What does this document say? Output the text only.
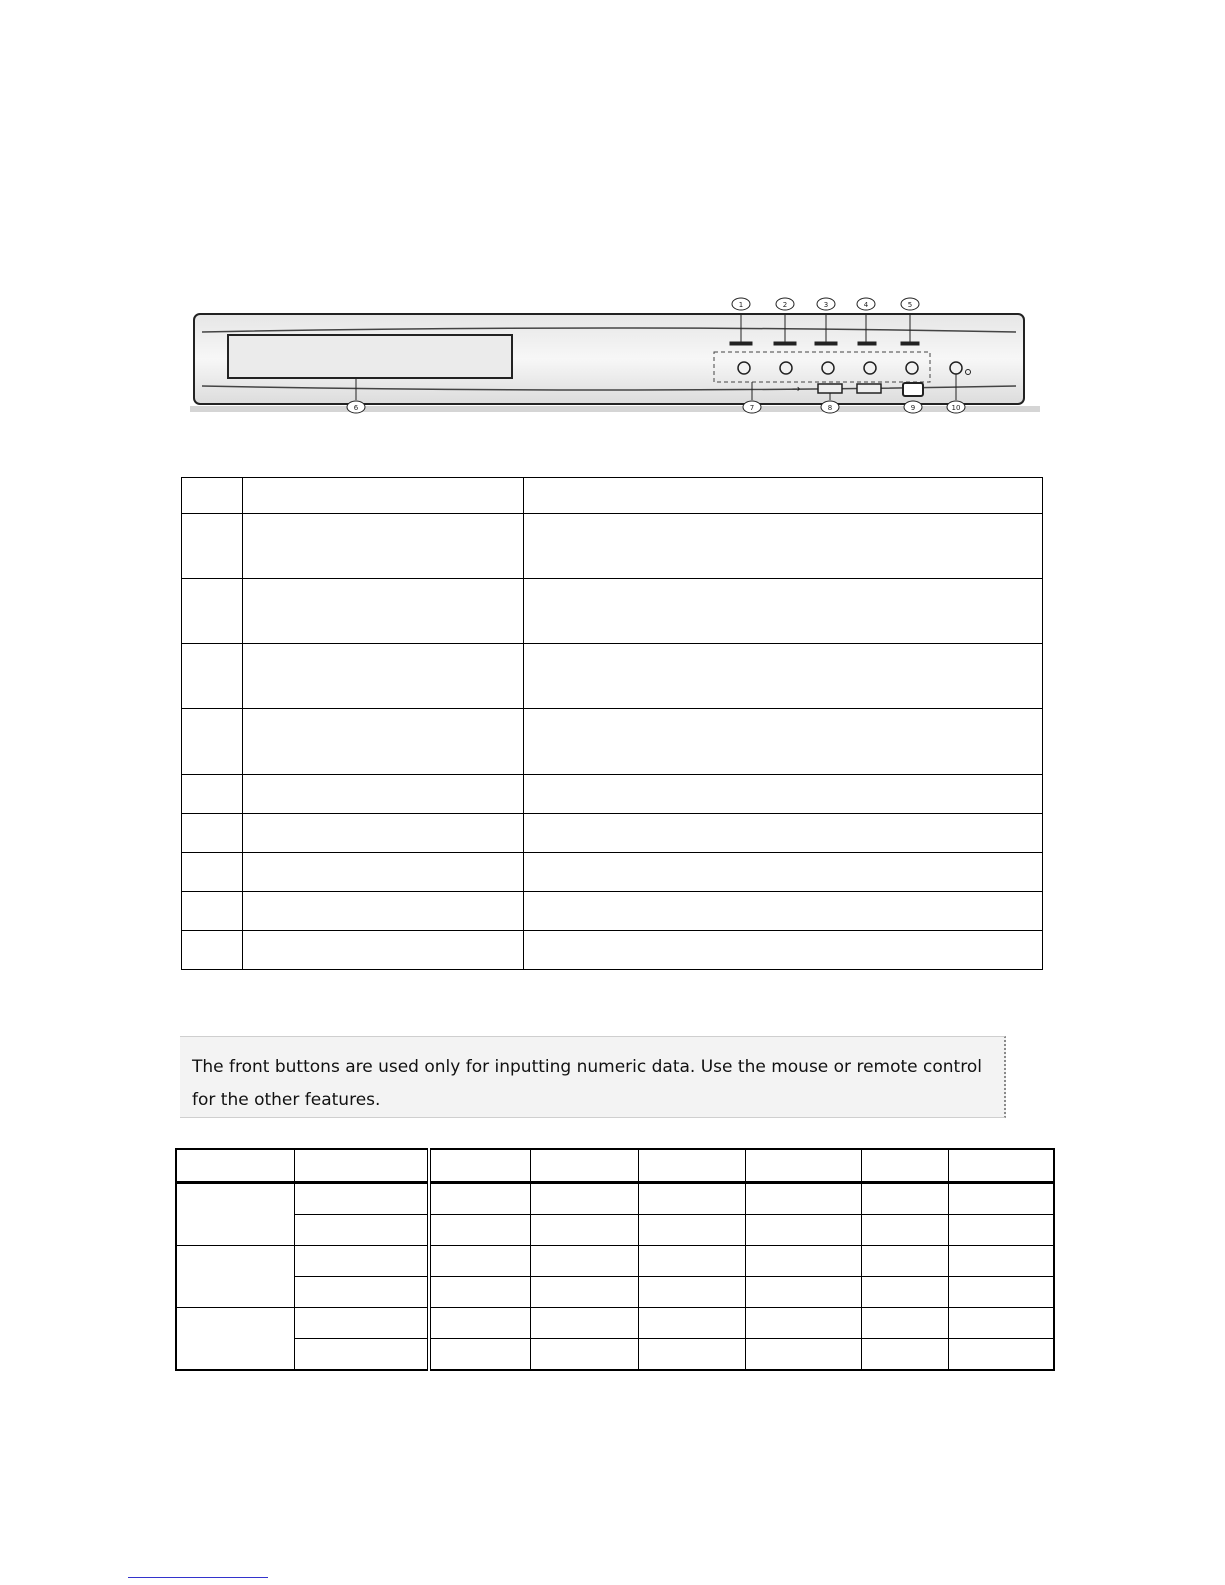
→
1	2	3	4	5
6	7	8	9	10

The front buttons are used only for inputting numeric data. Use the mouse or remote control for the other features.
